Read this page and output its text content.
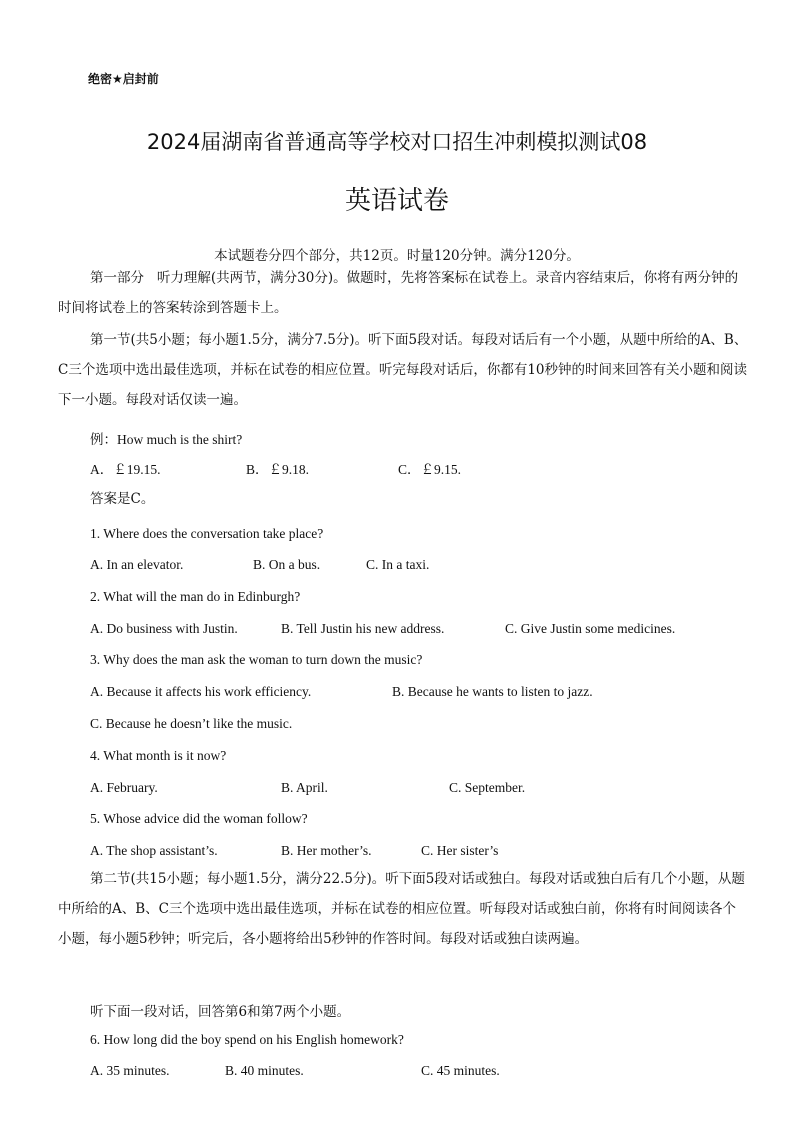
绝密★启封前
2024届湖南省普通高等学校对口招生冲刺模拟测试08
英语试卷
本试题卷分四个部分，共12页。时量120分钟。满分120分。
第一部分 听力理解(共两节，满分30分)。做题时，先将答案标在试卷上。录音内容结束后，你将有两分钟的时间将试卷上的答案转涂到答题卡上。
第一节(共5小题；每小题1.5分，满分7.5分)。听下面5段对话。每段对话后有一个小题，从题中所给的A、B、C三个选项中选出最佳选项，并标在试卷的相应位置。听完每段对话后，你都有10秒钟的时间来回答有关小题和阅读下一小题。每段对话仅读一遍。
例：How much is the shirt?
A．￡19.15.	B．￡9.18.	C．￡9.15.
答案是C。
1. Where does the conversation take place?
A. In an elevator.	B. On a bus.	C. In a taxi.
2. What will the man do in Edinburgh?
A. Do business with Justin.	B. Tell Justin his new address.	C. Give Justin some medicines.
3. Why does the man ask the woman to turn down the music?
A. Because it affects his work efficiency.	B. Because he wants to listen to jazz.
C. Because he doesn’t like the music.
4. What month is it now?
A. February.	B. April.	C. September.
5. Whose advice did the woman follow?
A. The shop assistant’s.	B. Her mother’s.	C. Her sister’s
第二节(共15小题；每小题1.5分，满分22.5分)。听下面5段对话或独白。每段对话或独白后有几个小题，从题中所给的A、B、C三个选项中选出最佳选项，并标在试卷的相应位置。听每段对话或独白前，你将有时间阅读各个小题，每小题5秒钟；听完后，各小题将给出5秒钟的作答时间。每段对话或独白读两遍。
听下面一段对话，回答第6和第7两个小题。
6. How long did the boy spend on his English homework?
A. 35 minutes.	B. 40 minutes.	C. 45 minutes.
